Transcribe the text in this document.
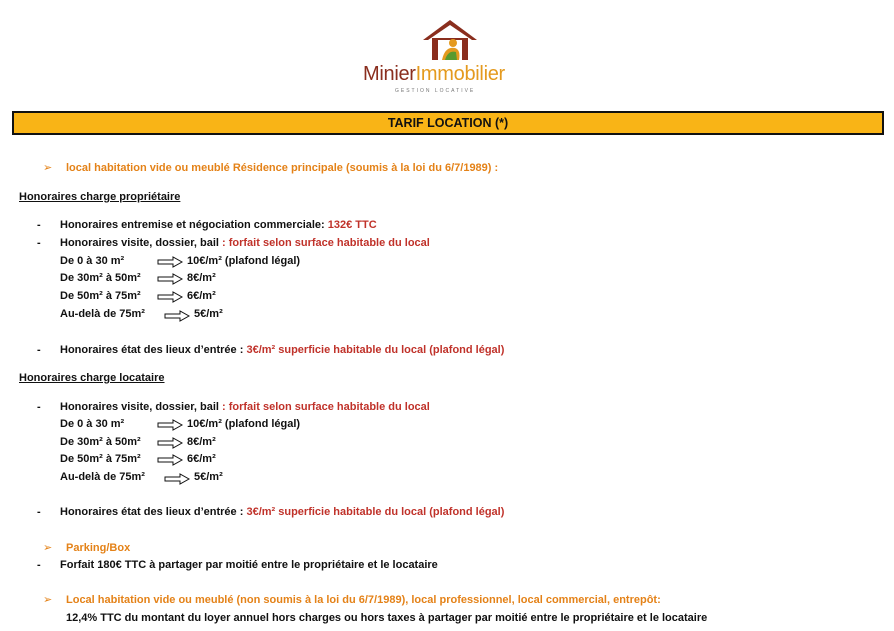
MinierImmobilier
GESTION LOCATIVE
TARIF LOCATION (*)
➢ local habitation vide ou meublé Résidence principale (soumis à la loi du 6/7/1989) :
Honoraires charge propriétaire
- Honoraires entremise et négociation commerciale: 132€ TTC
- Honoraires visite, dossier, bail : forfait selon surface habitable du local
De 0 à 30 m²	10€/m² (plafond légal)
De 30m² à 50m²	8€/m²
De 50m² à 75m²	6€/m²
Au-delà de 75m²	5€/m²
- Honoraires état des lieux d’entrée : 3€/m² superficie habitable du local (plafond légal)
Honoraires charge locataire
- Honoraires visite, dossier, bail : forfait selon surface habitable du local
De 0 à 30 m²	10€/m² (plafond légal)
De 30m² à 50m²	8€/m²
De 50m² à 75m²	6€/m²
Au-delà de 75m²	5€/m²
- Honoraires état des lieux d’entrée : 3€/m² superficie habitable du local (plafond légal)
➢ Parking/Box
- Forfait 180€ TTC à partager par moitié entre le propriétaire et le locataire
➢ Local habitation vide ou meublé (non soumis à la loi du 6/7/1989), local professionnel, local commercial, entrepôt:
12,4% TTC du montant du loyer annuel hors charges ou hors taxes à partager par moitié entre le propriétaire et le locataire
